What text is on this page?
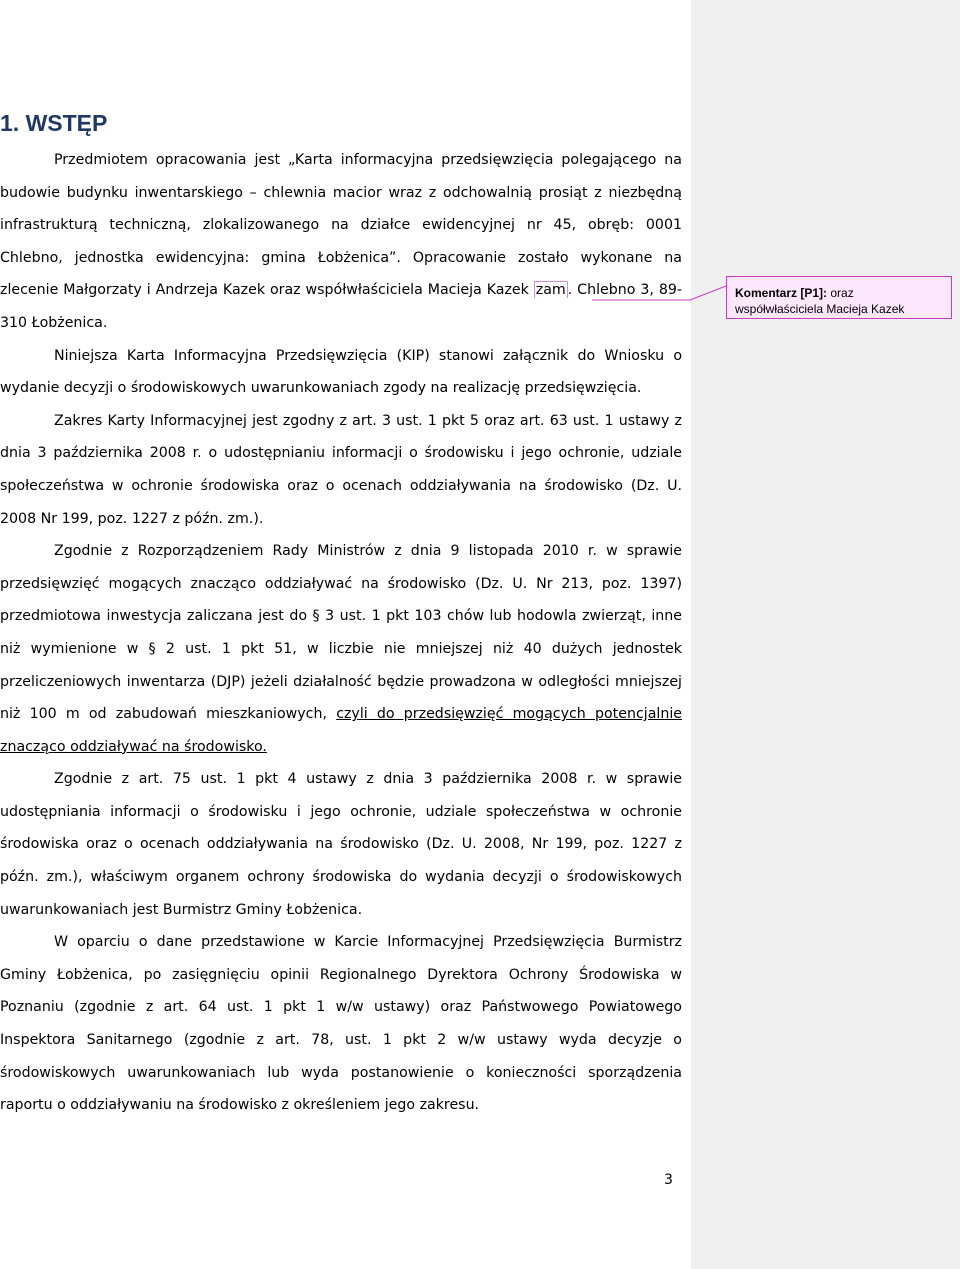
1. WSTĘP

Przedmiotem opracowania jest „Karta informacyjna przedsięwzięcia polegającego na budowie budynku inwentarskiego – chlewnia macior wraz z odchowalnią prosiąt z niezbędną infrastrukturą techniczną, zlokalizowanego na działce ewidencyjnej nr 45, obręb: 0001 Chlebno, jednostka ewidencyjna: gmina Łobżenica”. Opracowanie zostało wykonane na zlecenie Małgorzaty i Andrzeja Kazek oraz współwłaściciela Macieja Kazek zam . Chlebno 3, 89-310 Łobżenica.

Niniejsza Karta Informacyjna Przedsięwzięcia (KIP) stanowi załącznik do Wniosku o wydanie decyzji o środowiskowych uwarunkowaniach zgody na realizację przedsięwzięcia.

Zakres Karty Informacyjnej jest zgodny z art. 3 ust. 1 pkt 5 oraz art. 63 ust. 1 ustawy z dnia 3 października 2008 r. o udostępnianiu informacji o środowisku i jego ochronie, udziale społeczeństwa w ochronie środowiska oraz o ocenach oddziaływania na środowisko (Dz. U. 2008 Nr 199, poz. 1227 z późn. zm.).

Zgodnie z Rozporządzeniem Rady Ministrów z dnia 9 listopada 2010 r. w sprawie przedsięwzięć mogących znacząco oddziaływać na środowisko (Dz. U. Nr 213, poz. 1397) przedmiotowa inwestycja zaliczana jest do § 3 ust. 1 pkt 103 chów lub hodowla zwierząt, inne niż wymienione w § 2 ust. 1 pkt 51, w liczbie nie mniejszej niż 40 dużych jednostek przeliczeniowych inwentarza (DJP) jeżeli działalność będzie prowadzona w odległości mniejszej niż 100 m od zabudowań mieszkaniowych, czyli do przedsięwzięć mogących potencjalnie znacząco oddziaływać na środowisko.

Zgodnie z art. 75 ust. 1 pkt 4 ustawy z dnia 3 października 2008 r. w sprawie udostępniania informacji o środowisku i jego ochronie, udziale społeczeństwa w ochronie środowiska oraz o ocenach oddziaływania na środowisko (Dz. U. 2008, Nr 199, poz. 1227 z późn. zm.), właściwym organem ochrony środowiska do wydania decyzji o środowiskowych uwarunkowaniach jest Burmistrz Gminy Łobżenica.

W oparciu o dane przedstawione w Karcie Informacyjnej Przedsięwzięcia Burmistrz Gminy Łobżenica, po zasięgnięciu opinii Regionalnego Dyrektora Ochrony Środowiska w Poznaniu (zgodnie z art. 64 ust. 1 pkt 1 w/w ustawy) oraz Państwowego Powiatowego Inspektora Sanitarnego (zgodnie z art. 78, ust. 1 pkt 2 w/w ustawy wyda decyzje o środowiskowych uwarunkowaniach lub wyda postanowienie o konieczności sporządzenia raportu o oddziaływaniu na środowisko z określeniem jego zakresu.

3
Komentarz [P1]: oraz współwłaściciela Macieja Kazek
